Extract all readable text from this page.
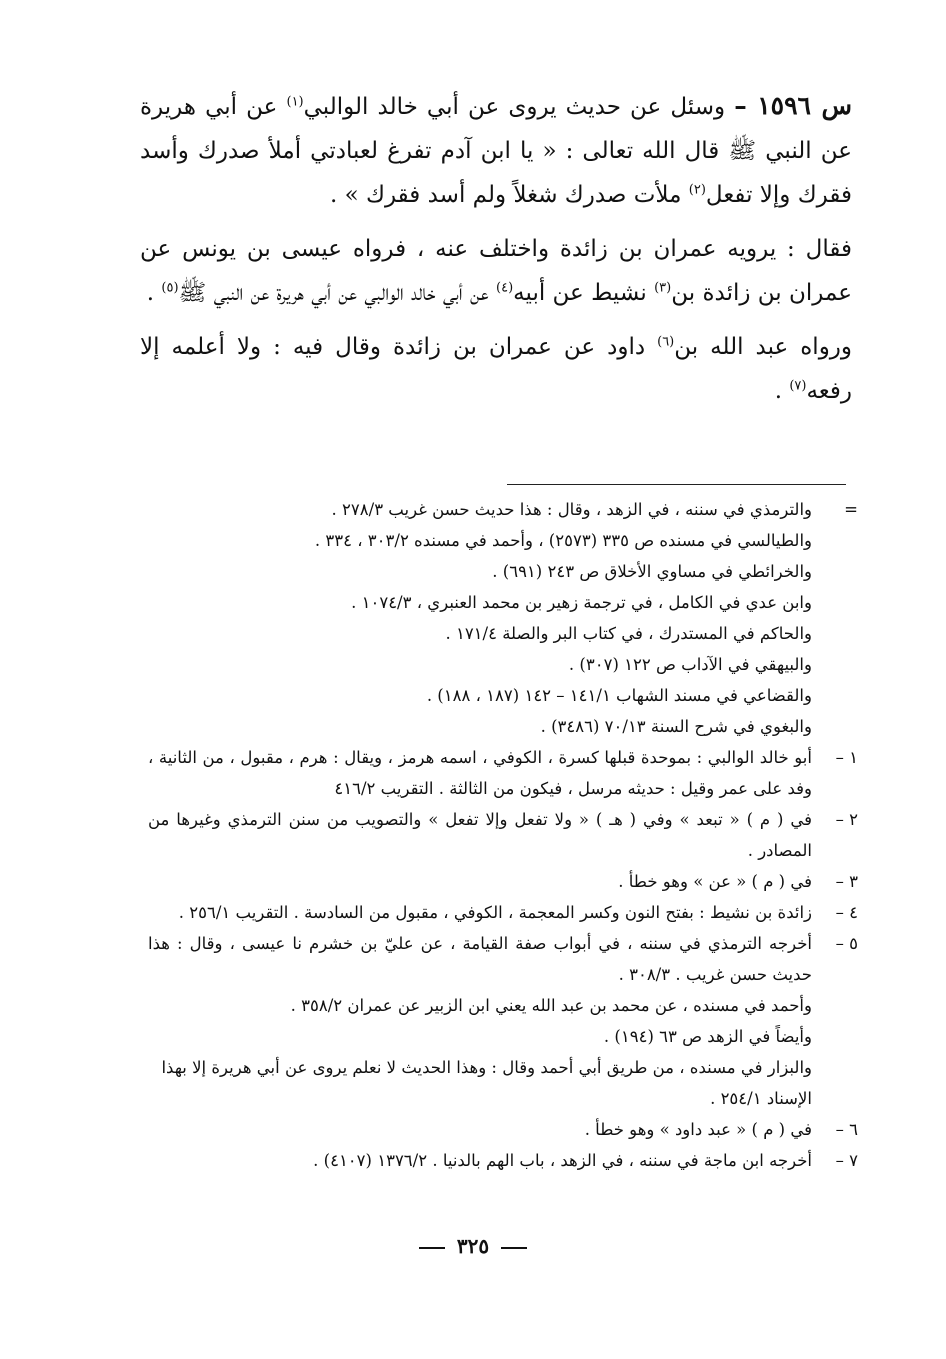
س ١٥٩٦ – وسئل عن حديث يروى عن أبي خالد الوالبي$^{(١)}$ عن أبي هريرة عن النبي ﷺ قال الله تعالى : « يا ابن آدم تفرغ لعبادتي أملأ صدرك وأسد فقرك وإلا تفعل$^{(٢)}$ ملأت صدرك شغلاً ولم أسد فقرك » .

فقال : يرويه عمران بن زائدة واختلف عنه ، فرواه عيسى بن يونس عن عمران بن زائدة بن$^{(٣)}$ نشيط عن أبيه$^{(٤)}$ عن أبي خالد الوالبي عن أبي هريرة عن النبي ﷺ$^{(٥)}$ .

ورواه عبد الله بن$^{(٦)}$ داود عن عمران بن زائدة وقال فيه : ولا أعلمه إلا رفعه$^{(٧)}$ .

=
والترمذي في سننه ، في الزهد ، وقال : هذا حديث حسن غريب ٢٧٨/٣ .
والطيالسي في مسنده ص ٣٣٥ (٢٥٧٣) ، وأحمد في مسنده ٣٠٣/٢ ، ٣٣٤ .
والخرائطي في مساوي الأخلاق ص ٢٤٣ (٦٩١) .
وابن عدي في الكامل ، في ترجمة زهير بن محمد العنبري ، ١٠٧٤/٣ .
والحاكم في المستدرك ، في كتاب البر والصلة ١٧١/٤ .
والبيهقي في الآداب ص ١٢٢ (٣٠٧) .
والقضاعي في مسند الشهاب ١٤١/١ – ١٤٢ (١٨٧ ، ١٨٨) .
والبغوي في شرح السنة ٧٠/١٣ (٣٤٨٦) .
١ –
أبو خالد الوالبي : بموحدة قبلها كسرة ، الكوفي ، اسمه هرمز ، ويقال : هرم ، مقبول ، من الثانية ، وفد على عمر وقيل : حديثه مرسل ، فيكون من الثالثة . التقريب ٤١٦/٢
٢ –
في ( م ) « تبعد » وفي ( هـ ) « ولا تفعل وإلا تفعل » والتصويب من سنن الترمذي وغيرها من المصادر .
٣ –
في ( م ) « عن » وهو خطأ .
٤ –
زائدة بن نشيط : بفتح النون وكسر المعجمة ، الكوفي ، مقبول من السادسة . التقريب ٢٥٦/١ .
٥ –
أخرجه الترمذي في سننه ، في أبواب صفة القيامة ، عن عليّ بن خشرم نا عيسى ، وقال : هذا حديث حسن غريب . ٣٠٨/٣ .
وأحمد في مسنده ، عن محمد بن عبد الله يعني ابن الزبير عن عمران ٣٥٨/٢ .
وأيضاً في الزهد ص ٦٣ (١٩٤) .
والبزار في مسنده ، من طريق أبي أحمد وقال : وهذا الحديث لا نعلم يروى عن أبي هريرة إلا بهذا الإسناد ٢٥٤/١ .
٦ –
في ( م ) « عبد داود » وهو خطأ .
٧ –
أخرجه ابن ماجة في سننه ، في الزهد ، باب الهم بالدنيا . ١٣٧٦/٢ (٤١٠٧) .
٣٢٥
